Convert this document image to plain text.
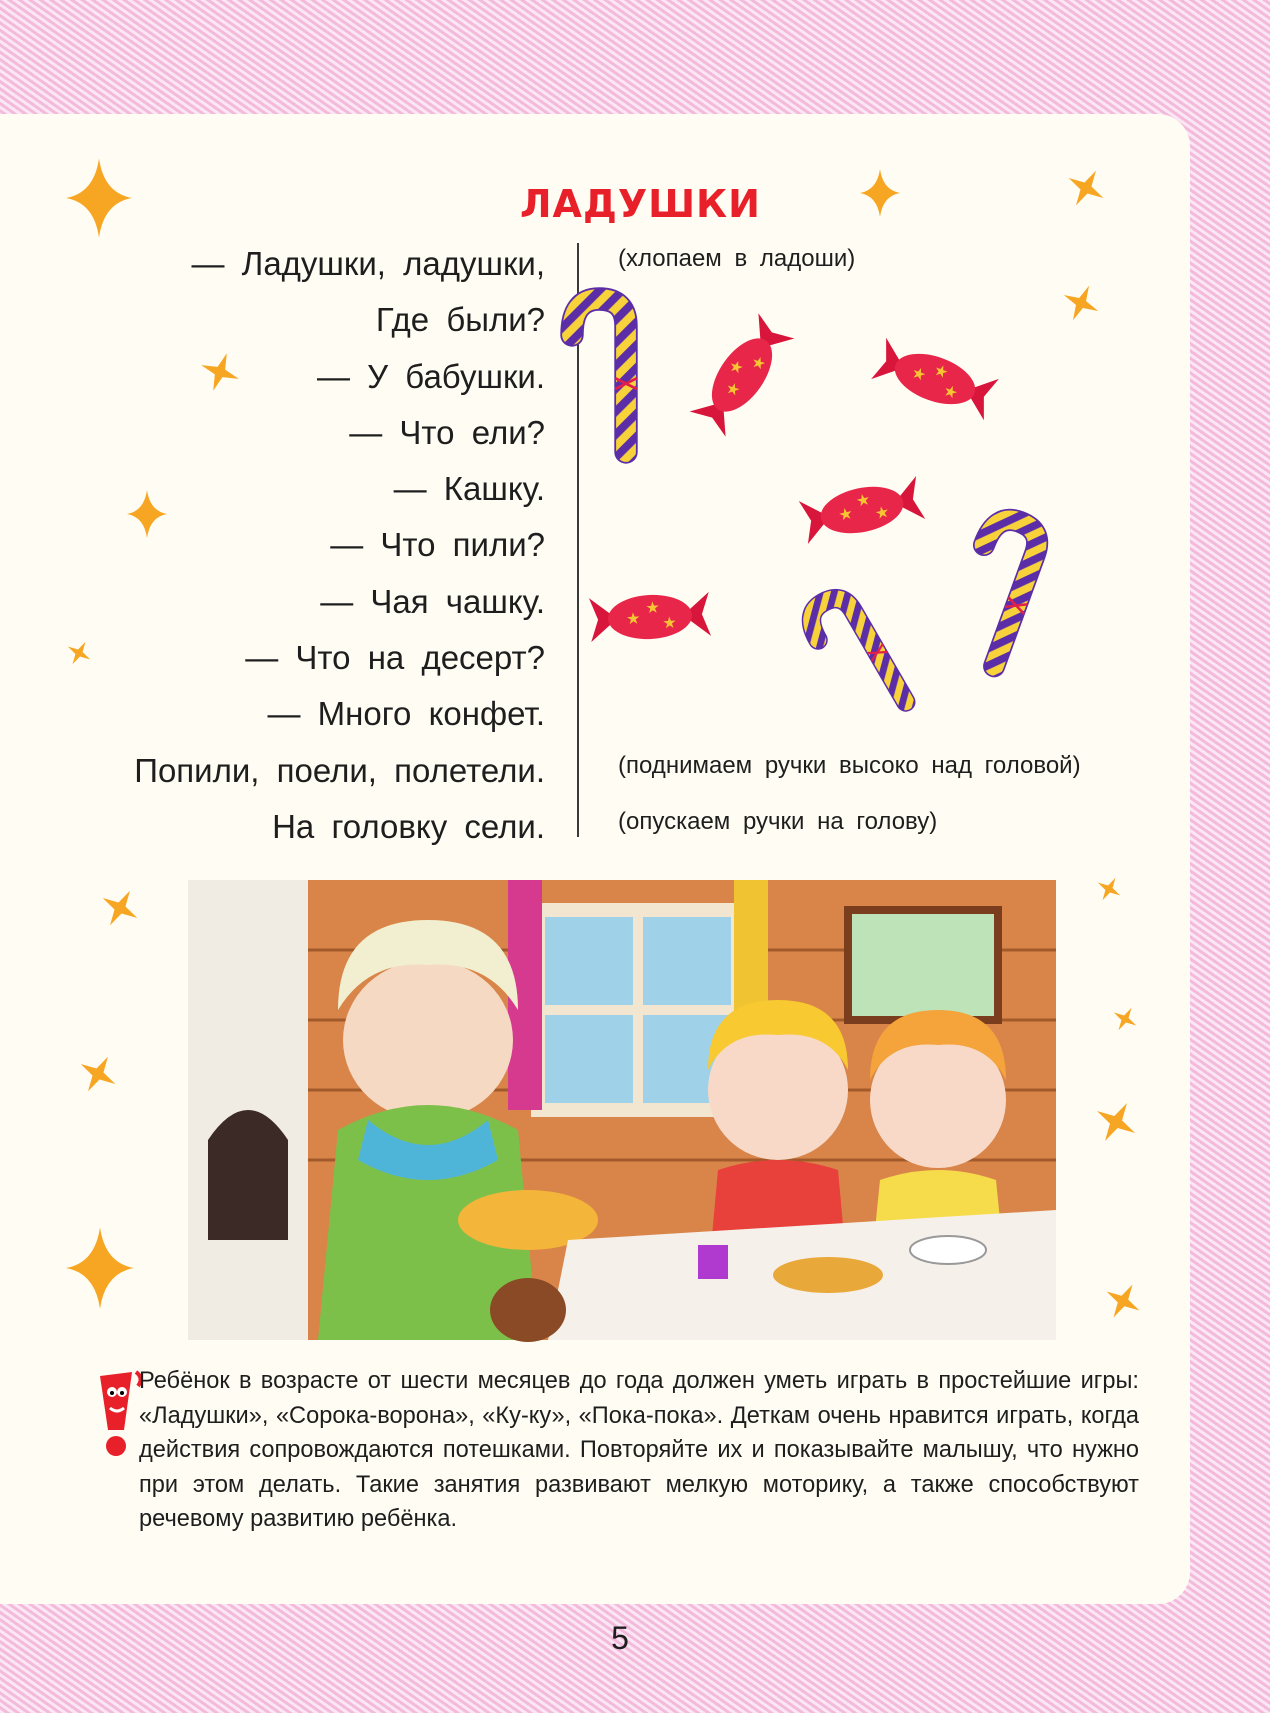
ЛАДУШКИ
— Ладушки, ладушки,
Где были?
— У бабушки.
— Что ели?
— Кашку.
— Что пили?
— Чая чашку.
— Что на десерт?
— Много конфет.
Попили, поели, полетели.
На головку сели.
(хлопаем в ладоши)
(поднимаем ручки высоко над головой)
(опускаем ручки на голову)

Ребёнок в возрасте от шести месяцев до года должен уметь играть в простейшие игры: «Ладушки», «Сорока-ворона», «Ку-ку», «Пока-пока». Деткам очень нравится играть, когда действия сопровождаются потешками. Повторяйте их и показывайте малышу, что нужно при этом делать. Такие занятия развивают мелкую моторику, а также способствуют речевому развитию ребёнка.

5
